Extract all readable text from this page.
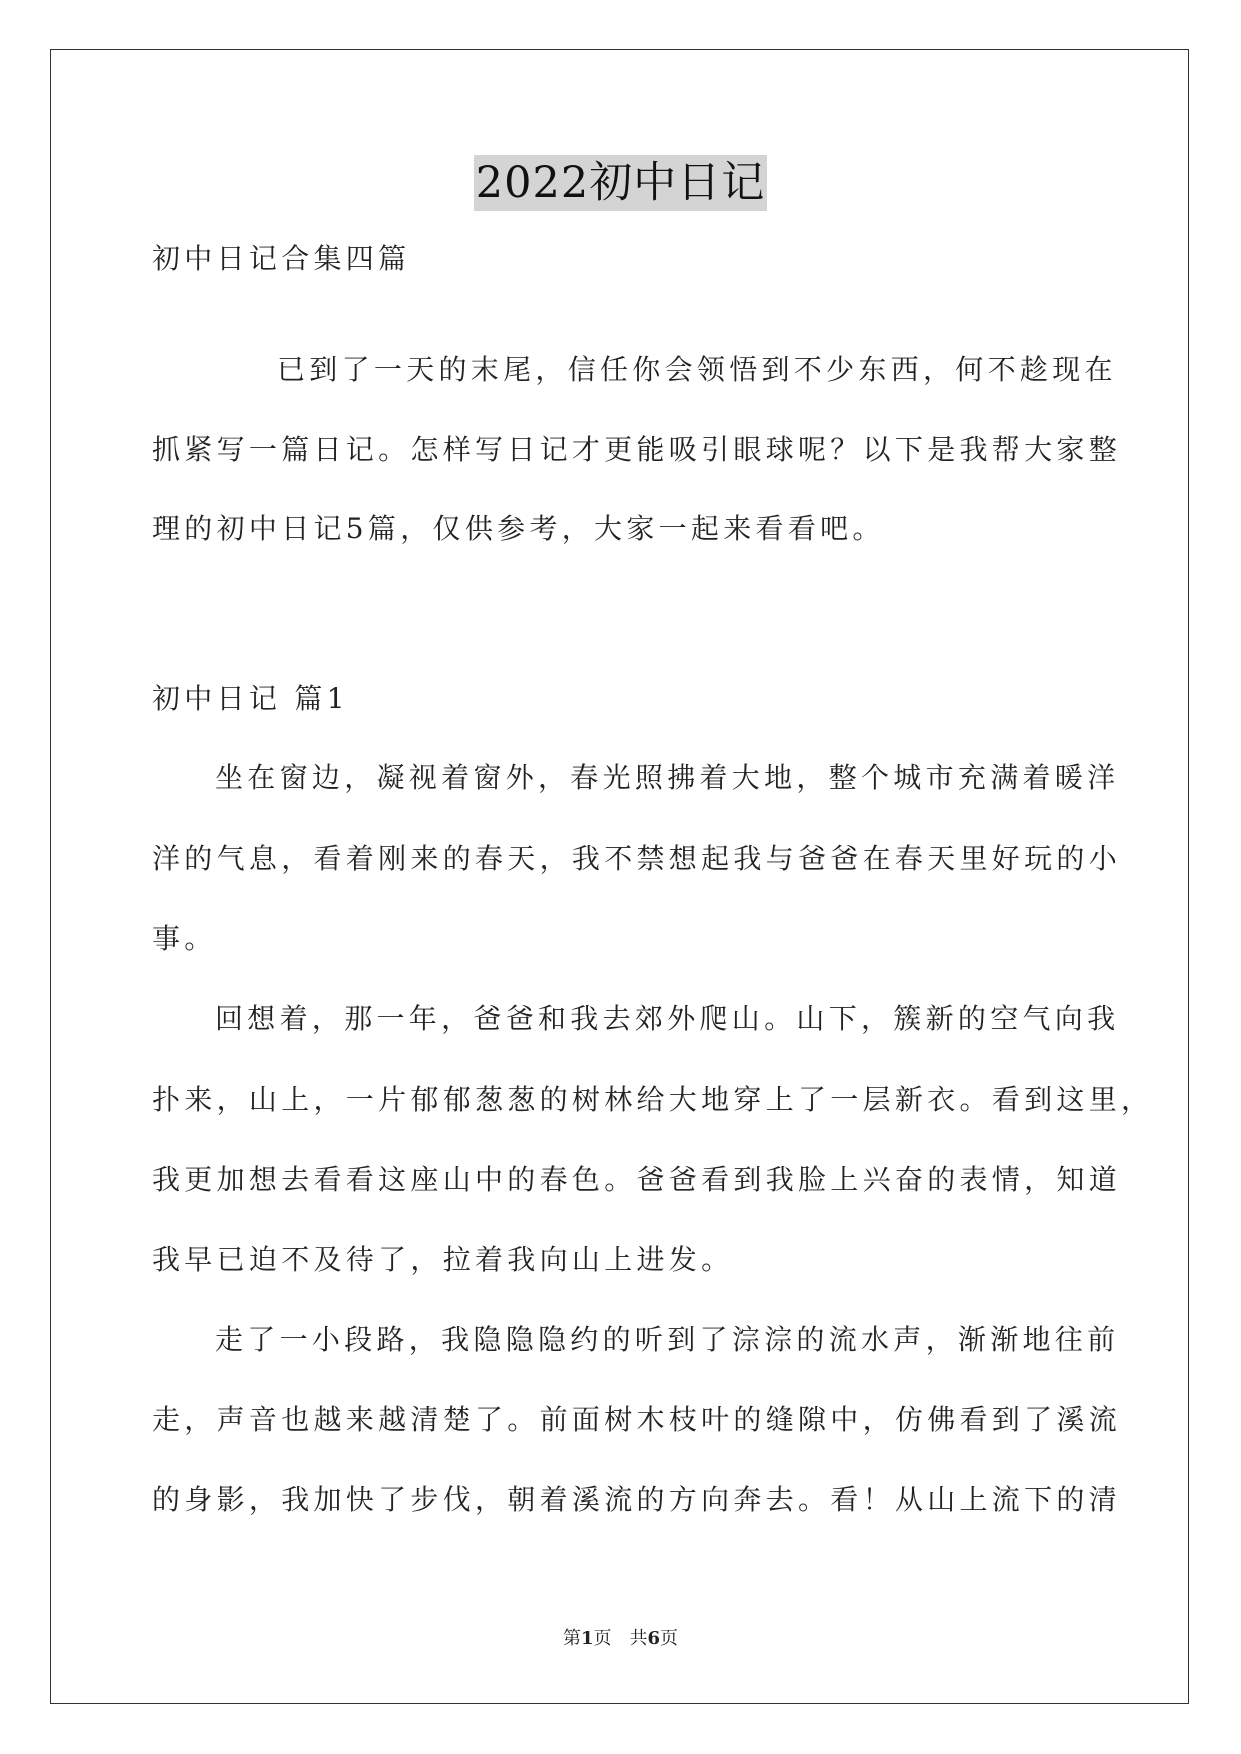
2022初中日记
初中日记合集四篇
已到了一天的末尾，信任你会领悟到不少东西，何不趁现在
抓紧写一篇日记。怎样写日记才更能吸引眼球呢？以下是我帮大家整
理的初中日记5篇，仅供参考，大家一起来看看吧。
初中日记 篇1
坐在窗边，凝视着窗外，春光照拂着大地，整个城市充满着暖洋
洋的气息，看着刚来的春天，我不禁想起我与爸爸在春天里好玩的小
事。
回想着，那一年，爸爸和我去郊外爬山。山下，簇新的空气向我
扑来，山上，一片郁郁葱葱的树林给大地穿上了一层新衣。看到这里，
我更加想去看看这座山中的春色。爸爸看到我脸上兴奋的表情，知道
我早已迫不及待了，拉着我向山上进发。
走了一小段路，我隐隐隐约的听到了淙淙的流水声，渐渐地往前
走，声音也越来越清楚了。前面树木枝叶的缝隙中，仿佛看到了溪流
的身影，我加快了步伐，朝着溪流的方向奔去。看！从山上流下的清
第1页 共6页
